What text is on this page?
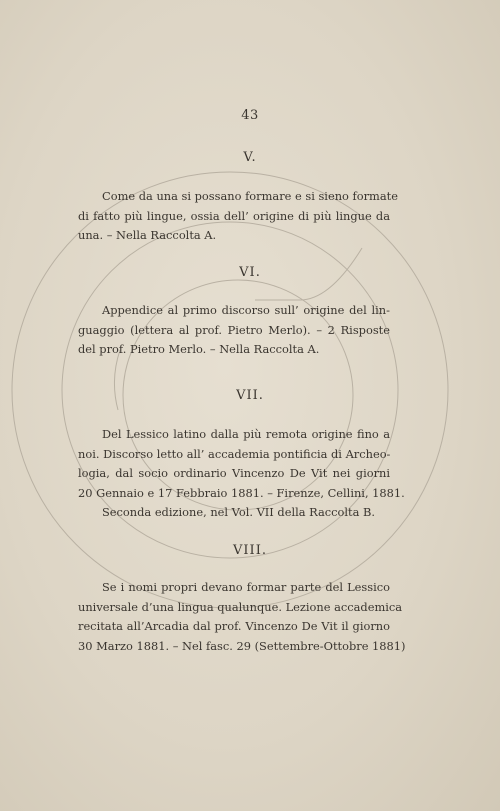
43
V.
Come da una si possano formare e si sieno formate
di fatto più lingue, ossia dell’ origine di più lingue da
una. – Nella Raccolta A.
VI.
Appendice al primo discorso sull’ origine del lin-
guaggio (lettera al prof. Pietro Merlo). – 2 Risposte
del prof. Pietro Merlo. – Nella Raccolta A.
VII.
Del Lessico latino dalla più remota origine fino a
noi. Discorso letto all’ accademia pontificia di Archeo-
logia, dal socio ordinario Vincenzo De Vit nei giorni
20 Gennaio e 17 Febbraio 1881. – Firenze, Cellini, 1881.
Seconda edizione, nel Vol. VII della Raccolta B.
VIII.
Se i nomi propri devano formar parte del Lessico
universale d’una lingua qualunque. Lezione accademica
recitata all’Arcadia dal prof. Vincenzo De Vit il giorno
30 Marzo 1881. – Nel fasc. 29 (Settembre-Ottobre 1881)
